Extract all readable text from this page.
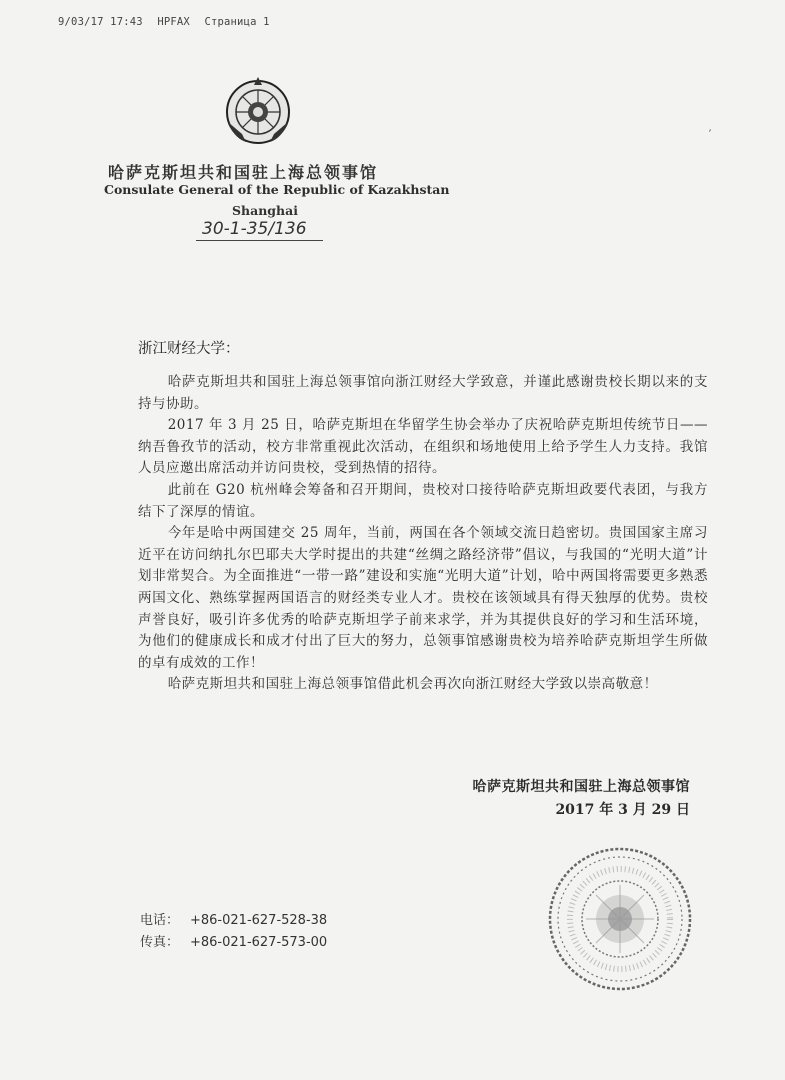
9/03/17 17:43 HPFAX Страница 1
哈萨克斯坦共和国驻上海总领事馆
Consulate General of the Republic of Kazakhstan
Shanghai
30-1-35/136
′
浙江财经大学：

哈萨克斯坦共和国驻上海总领事馆向浙江财经大学致意，并谨此感谢贵校长期以来的支持与协助。

2017 年 3 月 25 日，哈萨克斯坦在华留学生协会举办了庆祝哈萨克斯坦传统节日——纳吾鲁孜节的活动，校方非常重视此次活动，在组织和场地使用上给予学生人力支持。我馆人员应邀出席活动并访问贵校，受到热情的招待。

此前在 G20 杭州峰会筹备和召开期间，贵校对口接待哈萨克斯坦政要代表团，与我方结下了深厚的情谊。

今年是哈中两国建交 25 周年，当前，两国在各个领域交流日趋密切。贵国国家主席习近平在访问纳扎尔巴耶夫大学时提出的共建“丝绸之路经济带”倡议，与我国的“光明大道”计划非常契合。为全面推进“一带一路”建设和实施“光明大道”计划，哈中两国将需要更多熟悉两国文化、熟练掌握两国语言的财经类专业人才。贵校在该领域具有得天独厚的优势。贵校声誉良好，吸引许多优秀的哈萨克斯坦学子前来求学，并为其提供良好的学习和生活环境，为他们的健康成长和成才付出了巨大的努力，总领事馆感谢贵校为培养哈萨克斯坦学生所做的卓有成效的工作！

哈萨克斯坦共和国驻上海总领事馆借此机会再次向浙江财经大学致以崇高敬意！

哈萨克斯坦共和国驻上海总领事馆
2017 年 3 月 29 日
电话： +86-021-627-528-38
传真： +86-021-627-573-00
